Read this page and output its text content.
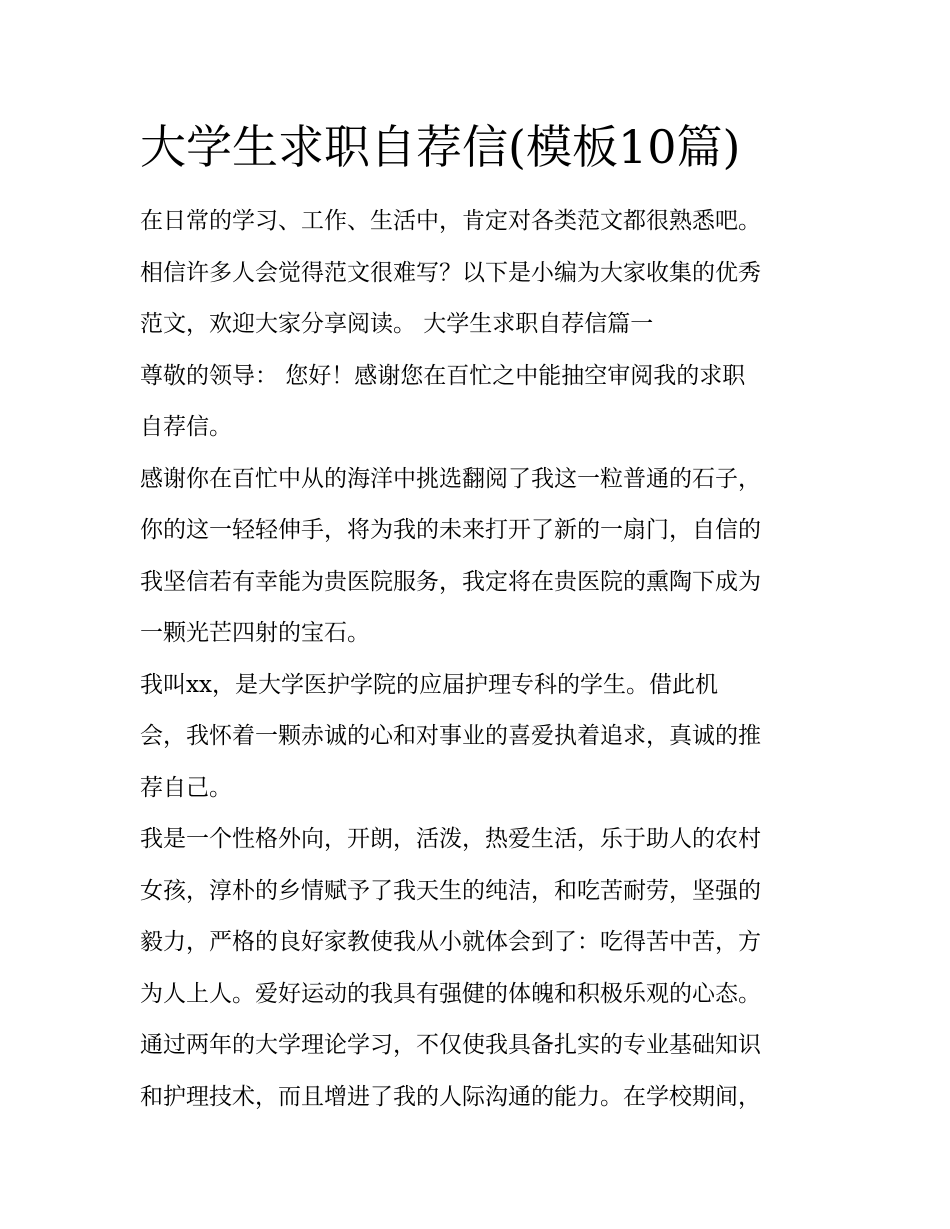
大学生求职自荐信(模板10篇)
在日常的学习、工作、生活中，肯定对各类范文都很熟悉吧。
相信许多人会觉得范文很难写？以下是小编为大家收集的优秀
范文，欢迎大家分享阅读。 大学生求职自荐信篇一
尊敬的领导： 您好！感谢您在百忙之中能抽空审阅我的求职
自荐信。
感谢你在百忙中从的海洋中挑选翻阅了我这一粒普通的石子，
你的这一轻轻伸手，将为我的未来打开了新的一扇门，自信的
我坚信若有幸能为贵医院服务，我定将在贵医院的熏陶下成为
一颗光芒四射的宝石。
我叫xx，是大学医护学院的应届护理专科的学生。借此机
会，我怀着一颗赤诚的心和对事业的喜爱执着追求，真诚的推
荐自己。
我是一个性格外向，开朗，活泼，热爱生活，乐于助人的农村
女孩，淳朴的乡情赋予了我天生的纯洁，和吃苦耐劳，坚强的
毅力，严格的良好家教使我从小就体会到了：吃得苦中苦，方
为人上人。爱好运动的我具有强健的体魄和积极乐观的心态。
通过两年的大学理论学习，不仅使我具备扎实的专业基础知识
和护理技术，而且增进了我的人际沟通的能力。在学校期间，
